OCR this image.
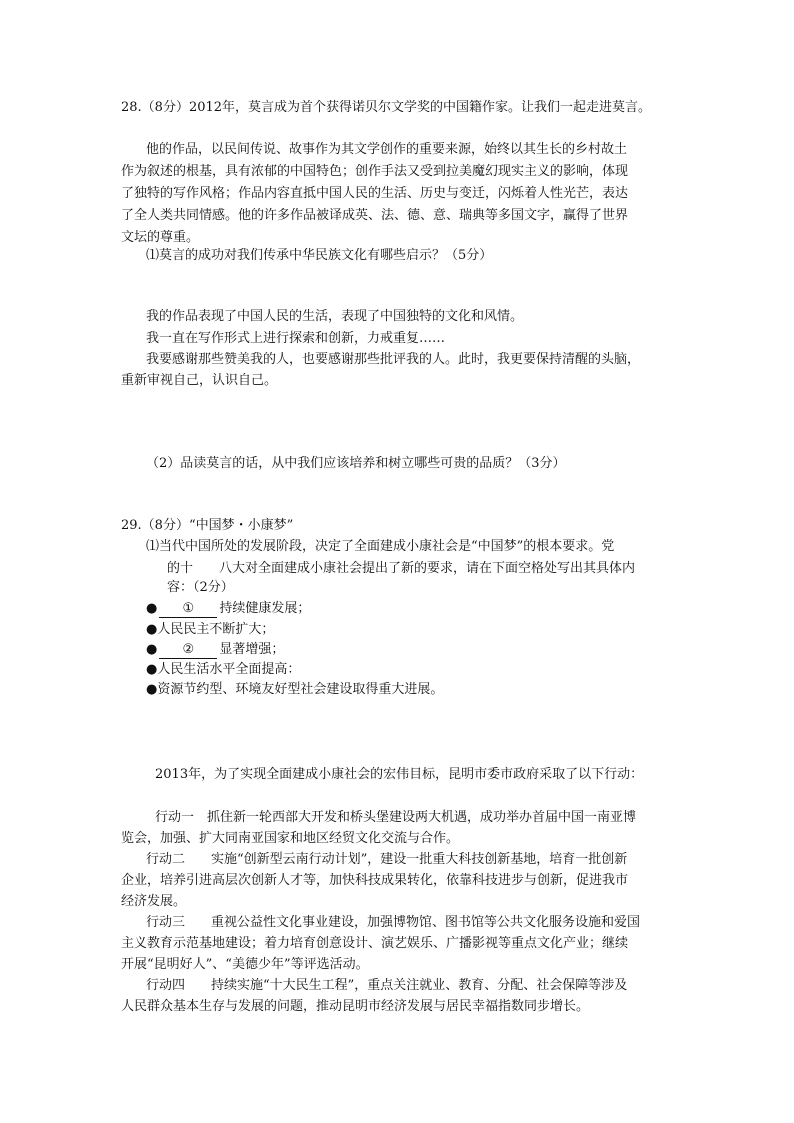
28.（8分）2012年，莫言成为首个获得诺贝尔文学奖的中国籍作家。让我们一起走进莫言。
他的作品，以民间传说、故事作为其文学创作的重要来源，始终以其生长的乡村故土
作为叙述的根基，具有浓郁的中国特色；创作手法又受到拉美魔幻现实主义的影响，体现
了独特的写作风格；作品内容直抵中国人民的生活、历史与变迁，闪烁着人性光芒，表达
了全人类共同情感。他的许多作品被译成英、法、德、意、瑞典等多国文字，赢得了世界
文坛的尊重。
⑴莫言的成功对我们传承中华民族文化有哪些启示？（5分）
我的作品表现了中国人民的生活，表现了中国独特的文化和风情。
我一直在写作形式上进行探索和创新，力戒重复……
我要感谢那些赞美我的人，也要感谢那些批评我的人。此时，我更要保持清醒的头脑，
重新审视自己，认识自己。
（2）品读莫言的话，从中我们应该培养和树立哪些可贵的品质？（3分）
29.（8分）“中国梦・小康梦”
⑴当代中国所处的发展阶段，决定了全面建成小康社会是“中国梦”的根本要求。党
的十　　八大对全面建成小康社会提出了新的要求，请在下面空格处写出其具体内
容：（2分）
● ① 持续健康发展；
●人民民主不断扩大；
● ② 显著增强；
●人民生活水平全面提高：
●资源节约型、环境友好型社会建设取得重大进展。
2013年，为了实现全面建成小康社会的宏伟目标，昆明市委市政府采取了以下行动：
行动一　抓住新一轮西部大开发和桥头堡建设两大机遇，成功举办首届中国一南亚博
览会，加强、扩大同南亚国家和地区经贸文化交流与合作。
行动二　　实施“创新型云南行动计划”，建设一批重大科技创新基地，培育一批创新
企业，培养引进高层次创新人才等，加快科技成果转化，依靠科技进步与创新，促进我市
经济发展。
行动三　　重视公益性文化事业建设，加强博物馆、图书馆等公共文化服务设施和爱国
主义教育示范基地建设；着力培育创意设计、演艺娱乐、广播影视等重点文化产业；继续
开展“昆明好人”、“美德少年”等评选活动。
行动四　　持续实施“十大民生工程”，重点关注就业、教育、分配、社会保障等涉及
人民群众基本生存与发展的问题，推动昆明市经济发展与居民幸福指数同步增长。
